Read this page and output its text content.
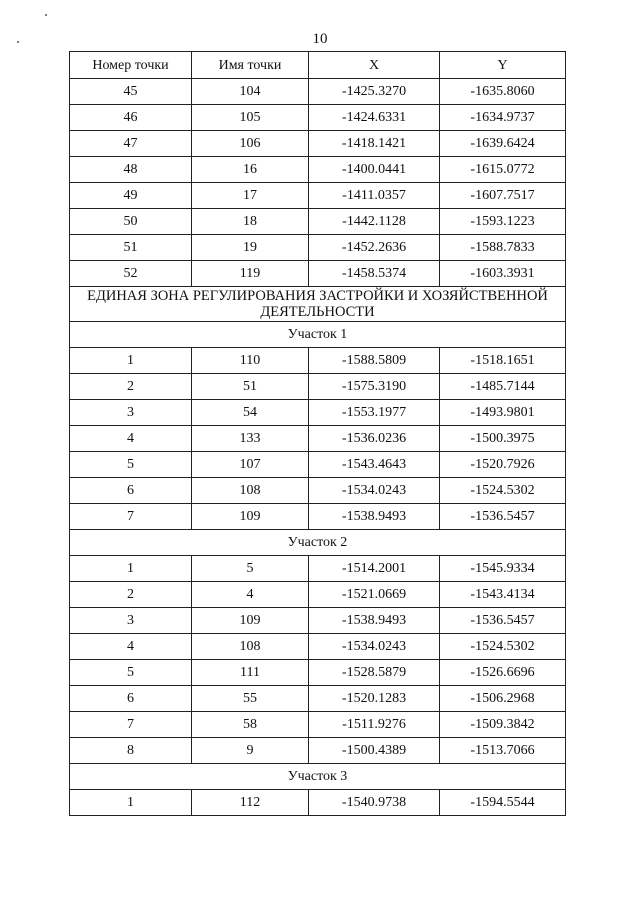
10
Номер точки	Имя точки	X	Y
45	104	-1425.3270	-1635.8060
46	105	-1424.6331	-1634.9737
47	106	-1418.1421	-1639.6424
48	16	-1400.0441	-1615.0772
49	17	-1411.0357	-1607.7517
50	18	-1442.1128	-1593.1223
51	19	-1452.2636	-1588.7833
52	119	-1458.5374	-1603.3931
ЕДИНАЯ ЗОНА РЕГУЛИРОВАНИЯ ЗАСТРОЙКИ И ХОЗЯЙСТВЕННОЙ ДЕЯТЕЛЬНОСТИ			
Участок 1			
1	110	-1588.5809	-1518.1651
2	51	-1575.3190	-1485.7144
3	54	-1553.1977	-1493.9801
4	133	-1536.0236	-1500.3975
5	107	-1543.4643	-1520.7926
6	108	-1534.0243	-1524.5302
7	109	-1538.9493	-1536.5457
Участок 2			
1	5	-1514.2001	-1545.9334
2	4	-1521.0669	-1543.4134
3	109	-1538.9493	-1536.5457
4	108	-1534.0243	-1524.5302
5	111	-1528.5879	-1526.6696
6	55	-1520.1283	-1506.2968
7	58	-1511.9276	-1509.3842
8	9	-1500.4389	-1513.7066
Участок 3			
1	112	-1540.9738	-1594.5544
